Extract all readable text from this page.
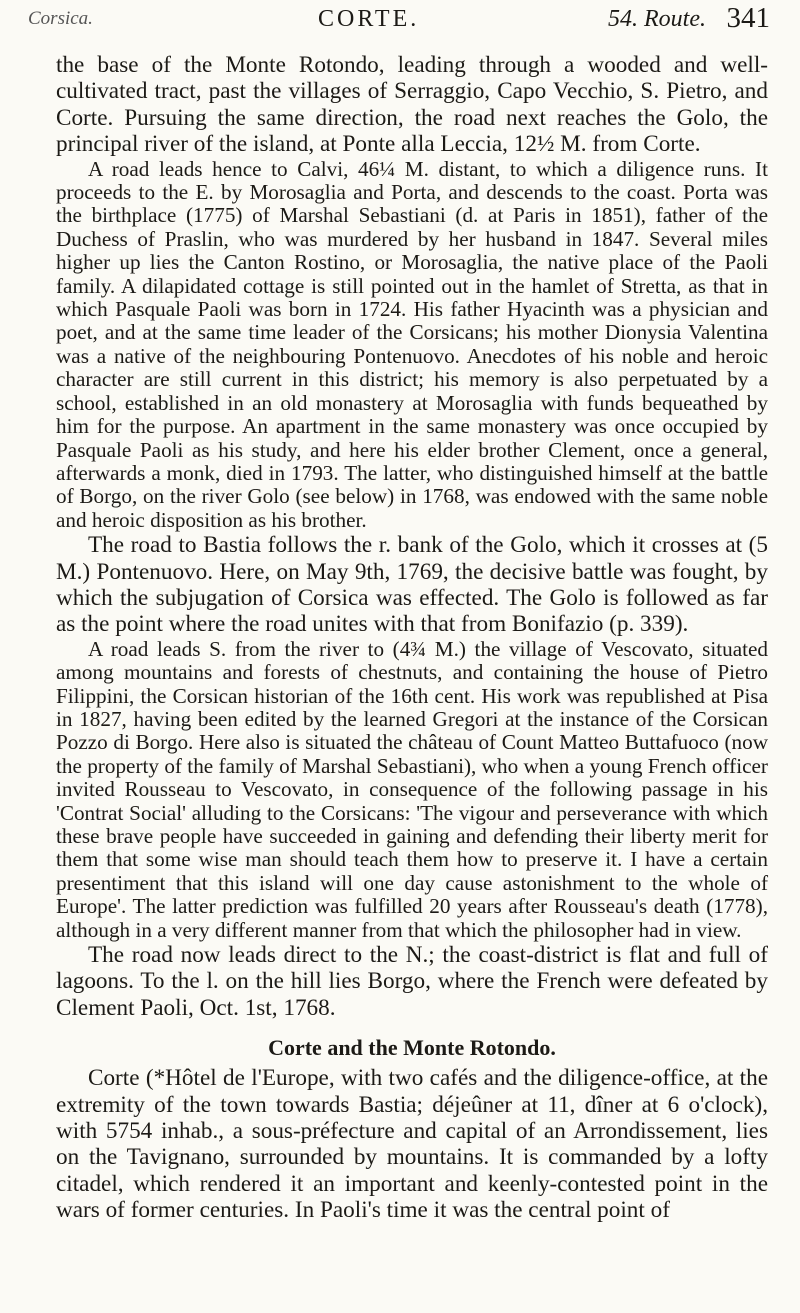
Corsica.	CORTE.	54. Route. 341

the base of the Monte Rotondo, leading through a wooded and well-cultivated tract, past the villages of Serraggio, Capo Vecchio, S. Pietro, and Corte. Pursuing the same direction, the road next reaches the Golo, the principal river of the island, at Ponte alla Leccia, 12½ M. from Corte.

A road leads hence to Calvi, 46¼ M. distant, to which a diligence runs. It proceeds to the E. by Morosaglia and Porta, and descends to the coast. Porta was the birthplace (1775) of Marshal Sebastiani (d. at Paris in 1851), father of the Duchess of Praslin, who was murdered by her husband in 1847. Several miles higher up lies the Canton Rostino, or Morosaglia, the native place of the Paoli family. A dilapidated cottage is still pointed out in the hamlet of Stretta, as that in which Pasquale Paoli was born in 1724. His father Hyacinth was a physician and poet, and at the same time leader of the Corsicans; his mother Dionysia Valentina was a native of the neighbouring Pontenuovo. Anecdotes of his noble and heroic character are still current in this district; his memory is also perpetuated by a school, established in an old monastery at Morosaglia with funds bequeathed by him for the purpose. An apartment in the same monastery was once occupied by Pasquale Paoli as his study, and here his elder brother Clement, once a general, afterwards a monk, died in 1793. The latter, who distinguished himself at the battle of Borgo, on the river Golo (see below) in 1768, was endowed with the same noble and heroic disposition as his brother.

The road to Bastia follows the r. bank of the Golo, which it crosses at (5 M.) Pontenuovo. Here, on May 9th, 1769, the decisive battle was fought, by which the subjugation of Corsica was effected. The Golo is followed as far as the point where the road unites with that from Bonifazio (p. 339).

A road leads S. from the river to (4¾ M.) the village of Vescovato, situated among mountains and forests of chestnuts, and containing the house of Pietro Filippini, the Corsican historian of the 16th cent. His work was republished at Pisa in 1827, having been edited by the learned Gregori at the instance of the Corsican Pozzo di Borgo. Here also is situated the château of Count Matteo Buttafuoco (now the property of the family of Marshal Sebastiani), who when a young French officer invited Rousseau to Vescovato, in consequence of the following passage in his 'Contrat Social' alluding to the Corsicans: 'The vigour and perseverance with which these brave people have succeeded in gaining and defending their liberty merit for them that some wise man should teach them how to preserve it. I have a certain presentiment that this island will one day cause astonishment to the whole of Europe'. The latter prediction was fulfilled 20 years after Rousseau's death (1778), although in a very different manner from that which the philosopher had in view.

The road now leads direct to the N.; the coast-district is flat and full of lagoons. To the l. on the hill lies Borgo, where the French were defeated by Clement Paoli, Oct. 1st, 1768.

Corte and the Monte Rotondo.

Corte (*Hôtel de l'Europe, with two cafés and the diligence-office, at the extremity of the town towards Bastia; déjeûner at 11, dîner at 6 o'clock), with 5754 inhab., a sous-préfecture and capital of an Arrondissement, lies on the Tavignano, surrounded by mountains. It is commanded by a lofty citadel, which rendered it an important and keenly-contested point in the wars of former centuries. In Paoli's time it was the central point of
